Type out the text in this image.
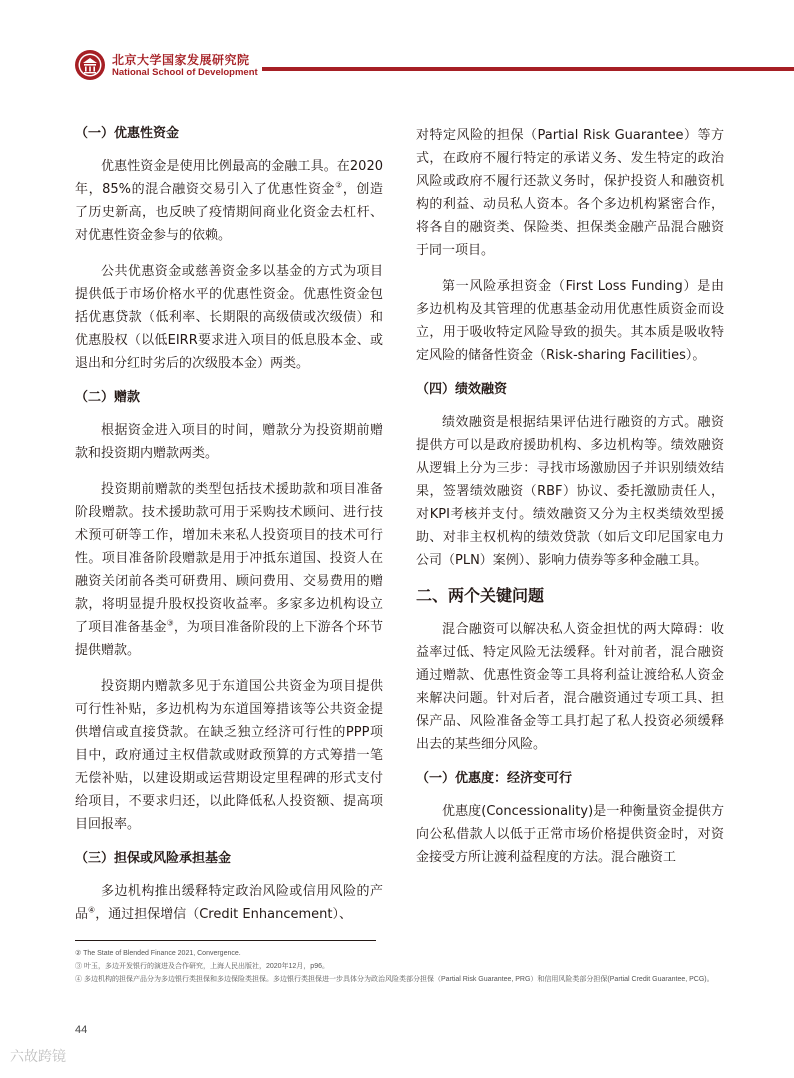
北京大学国家发展研究院
National School of Development
（一）优惠性资金

优惠性资金是使用比例最高的金融工具。在2020年，85%的混合融资交易引入了优惠性资金②，创造了历史新高，也反映了疫情期间商业化资金去杠杆、对优惠性资金参与的依赖。

公共优惠资金或慈善资金多以基金的方式为项目提供低于市场价格水平的优惠性资金。优惠性资金包括优惠贷款（低利率、长期限的高级债或次级债）和优惠股权（以低EIRR要求进入项目的低息股本金、或退出和分红时劣后的次级股本金）两类。

（二）赠款

根据资金进入项目的时间，赠款分为投资期前赠款和投资期内赠款两类。

投资期前赠款的类型包括技术援助款和项目准备阶段赠款。技术援助款可用于采购技术顾问、进行技术预可研等工作，增加未来私人投资项目的技术可行性。项目准备阶段赠款是用于冲抵东道国、投资人在融资关闭前各类可研费用、顾问费用、交易费用的赠款，将明显提升股权投资收益率。多家多边机构设立了项目准备基金③，为项目准备阶段的上下游各个环节提供赠款。

投资期内赠款多见于东道国公共资金为项目提供可行性补贴，多边机构为东道国筹措该等公共资金提供增信或直接贷款。在缺乏独立经济可行性的PPP项目中，政府通过主权借款或财政预算的方式筹措一笔无偿补贴，以建设期或运营期设定里程碑的形式支付给项目，不要求归还，以此降低私人投资额、提高项目回报率。

（三）担保或风险承担基金

多边机构推出缓释特定政治风险或信用风险的产品④，通过担保增信（Credit Enhancement）、

对特定风险的担保（Partial Risk Guarantee）等方式，在政府不履行特定的承诺义务、发生特定的政治风险或政府不履行还款义务时，保护投资人和融资机构的利益、动员私人资本。各个多边机构紧密合作，将各自的融资类、保险类、担保类金融产品混合融资于同一项目。

第一风险承担资金（First Loss Funding）是由多边机构及其管理的优惠基金动用优惠性质资金而设立，用于吸收特定风险导致的损失。其本质是吸收特定风险的储备性资金（Risk-sharing Facilities）。

（四）绩效融资

绩效融资是根据结果评估进行融资的方式。融资提供方可以是政府援助机构、多边机构等。绩效融资从逻辑上分为三步：寻找市场激励因子并识别绩效结果，签署绩效融资（RBF）协议、委托激励责任人，对KPI考核并支付。绩效融资又分为主权类绩效型援助、对非主权机构的绩效贷款（如后文印尼国家电力公司（PLN）案例）、影响力债券等多种金融工具。

二、两个关键问题

混合融资可以解决私人资金担忧的两大障碍：收益率过低、特定风险无法缓释。针对前者，混合融资通过赠款、优惠性资金等工具将利益让渡给私人资金来解决问题。针对后者，混合融资通过专项工具、担保产品、风险准备金等工具打起了私人投资必须缓释出去的某些细分风险。

（一）优惠度：经济变可行

优惠度(Concessionality)是一种衡量资金提供方向公私借款人以低于正常市场价格提供资金时，对资金接受方所让渡利益程度的方法。混合融资工

② The State of Blended Finance 2021, Convergence.

③ 叶玉，多边开发银行的演进及合作研究，上海人民出版社，2020年12月，p96。

④ 多边机构的担保产品分为多边银行类担保和多边保险类担保。多边银行类担保进一步具体分为政治风险类部分担保（Partial Risk Guarantee, PRG）和信用风险类部分担保(Partial Credit Guarantee, PCG)。

44
六故跨镜
